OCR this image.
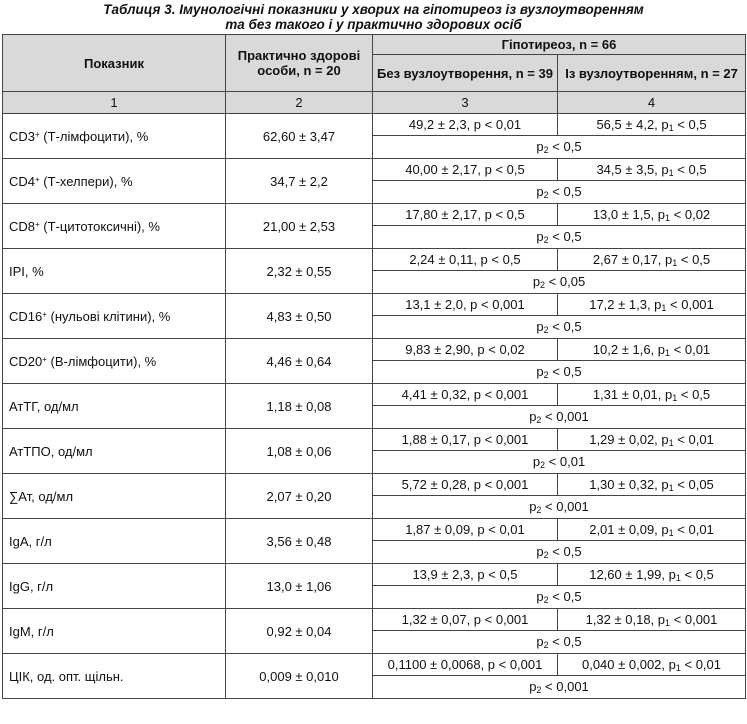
Таблиця 3. Імунологічні показники у хворих на гіпотиреоз із вузлоутворенням
та без такого і у практично здорових осіб
Показник	Практично здорові особи, n = 20	Гіпотиреоз, n = 66	
		Без вузлоутворення, n = 39	Із вузлоутворенням, n = 27
1	2	3	4
CD3+ (Т-лімфоцити), %	62,60 ± 3,47	49,2 ± 2,3, p < 0,01	56,5 ± 4,2, $p_1 < 0,5$
		$p_2 < 0,5$	
CD4+ (Т-хелпери), %	34,7 ± 2,2	40,00 ± 2,17, p < 0,5	34,5 ± 3,5, $p_1 < 0,5$
		$p_2 < 0,5$	
CD8+ (Т-цитотоксичні), %	21,00 ± 2,53	17,80 ± 2,17, p < 0,5	13,0 ± 1,5, $p_1 < 0,02$
		$p_2 < 0,5$	
IPI, %	2,32 ± 0,55	2,24 ± 0,11, p < 0,5	2,67 ± 0,17, $p_1 < 0,5$
		$p_2 < 0,05$	
CD16+ (нульові клітини), %	4,83 ± 0,50	13,1 ± 2,0, p < 0,001	17,2 ± 1,3, $p_1 < 0,001$
		$p_2 < 0,5$	
CD20+ (В-лімфоцити), %	4,46 ± 0,64	9,83 ± 2,90, p < 0,02	10,2 ± 1,6, $p_1 < 0,01$
		$p_2 < 0,5$	
АтТГ, од/мл	1,18 ± 0,08	4,41 ± 0,32, p < 0,001	1,31 ± 0,01, $p_1 < 0,5$
		$p_2 < 0,001$	
АтТПО, од/мл	1,08 ± 0,06	1,88 ± 0,17, p < 0,001	1,29 ± 0,02, $p_1 < 0,01$
		$p_2 < 0,01$	
∑Ат, од/мл	2,07 ± 0,20	5,72 ± 0,28, p < 0,001	1,30 ± 0,32, $p_1 < 0,05$
		$p_2 < 0,001$	
IgA, г/л	3,56 ± 0,48	1,87 ± 0,09, p < 0,01	2,01 ± 0,09, $p_1 < 0,01$
		$p_2 < 0,5$	
IgG, г/л	13,0 ± 1,06	13,9 ± 2,3, p < 0,5	12,60 ± 1,99, $p_1 < 0,5$
		$p_2 < 0,5$	
IgM, г/л	0,92 ± 0,04	1,32 ± 0,07, p < 0,001	1,32 ± 0,18, $p_1 < 0,001$
		$p_2 < 0,5$	
ЦІК, од. опт. щільн.	0,009 ± 0,010	0,1100 ± 0,0068, p < 0,001	0,040 ± 0,002, $p_1 < 0,01$
		$p_2 < 0,001$	
